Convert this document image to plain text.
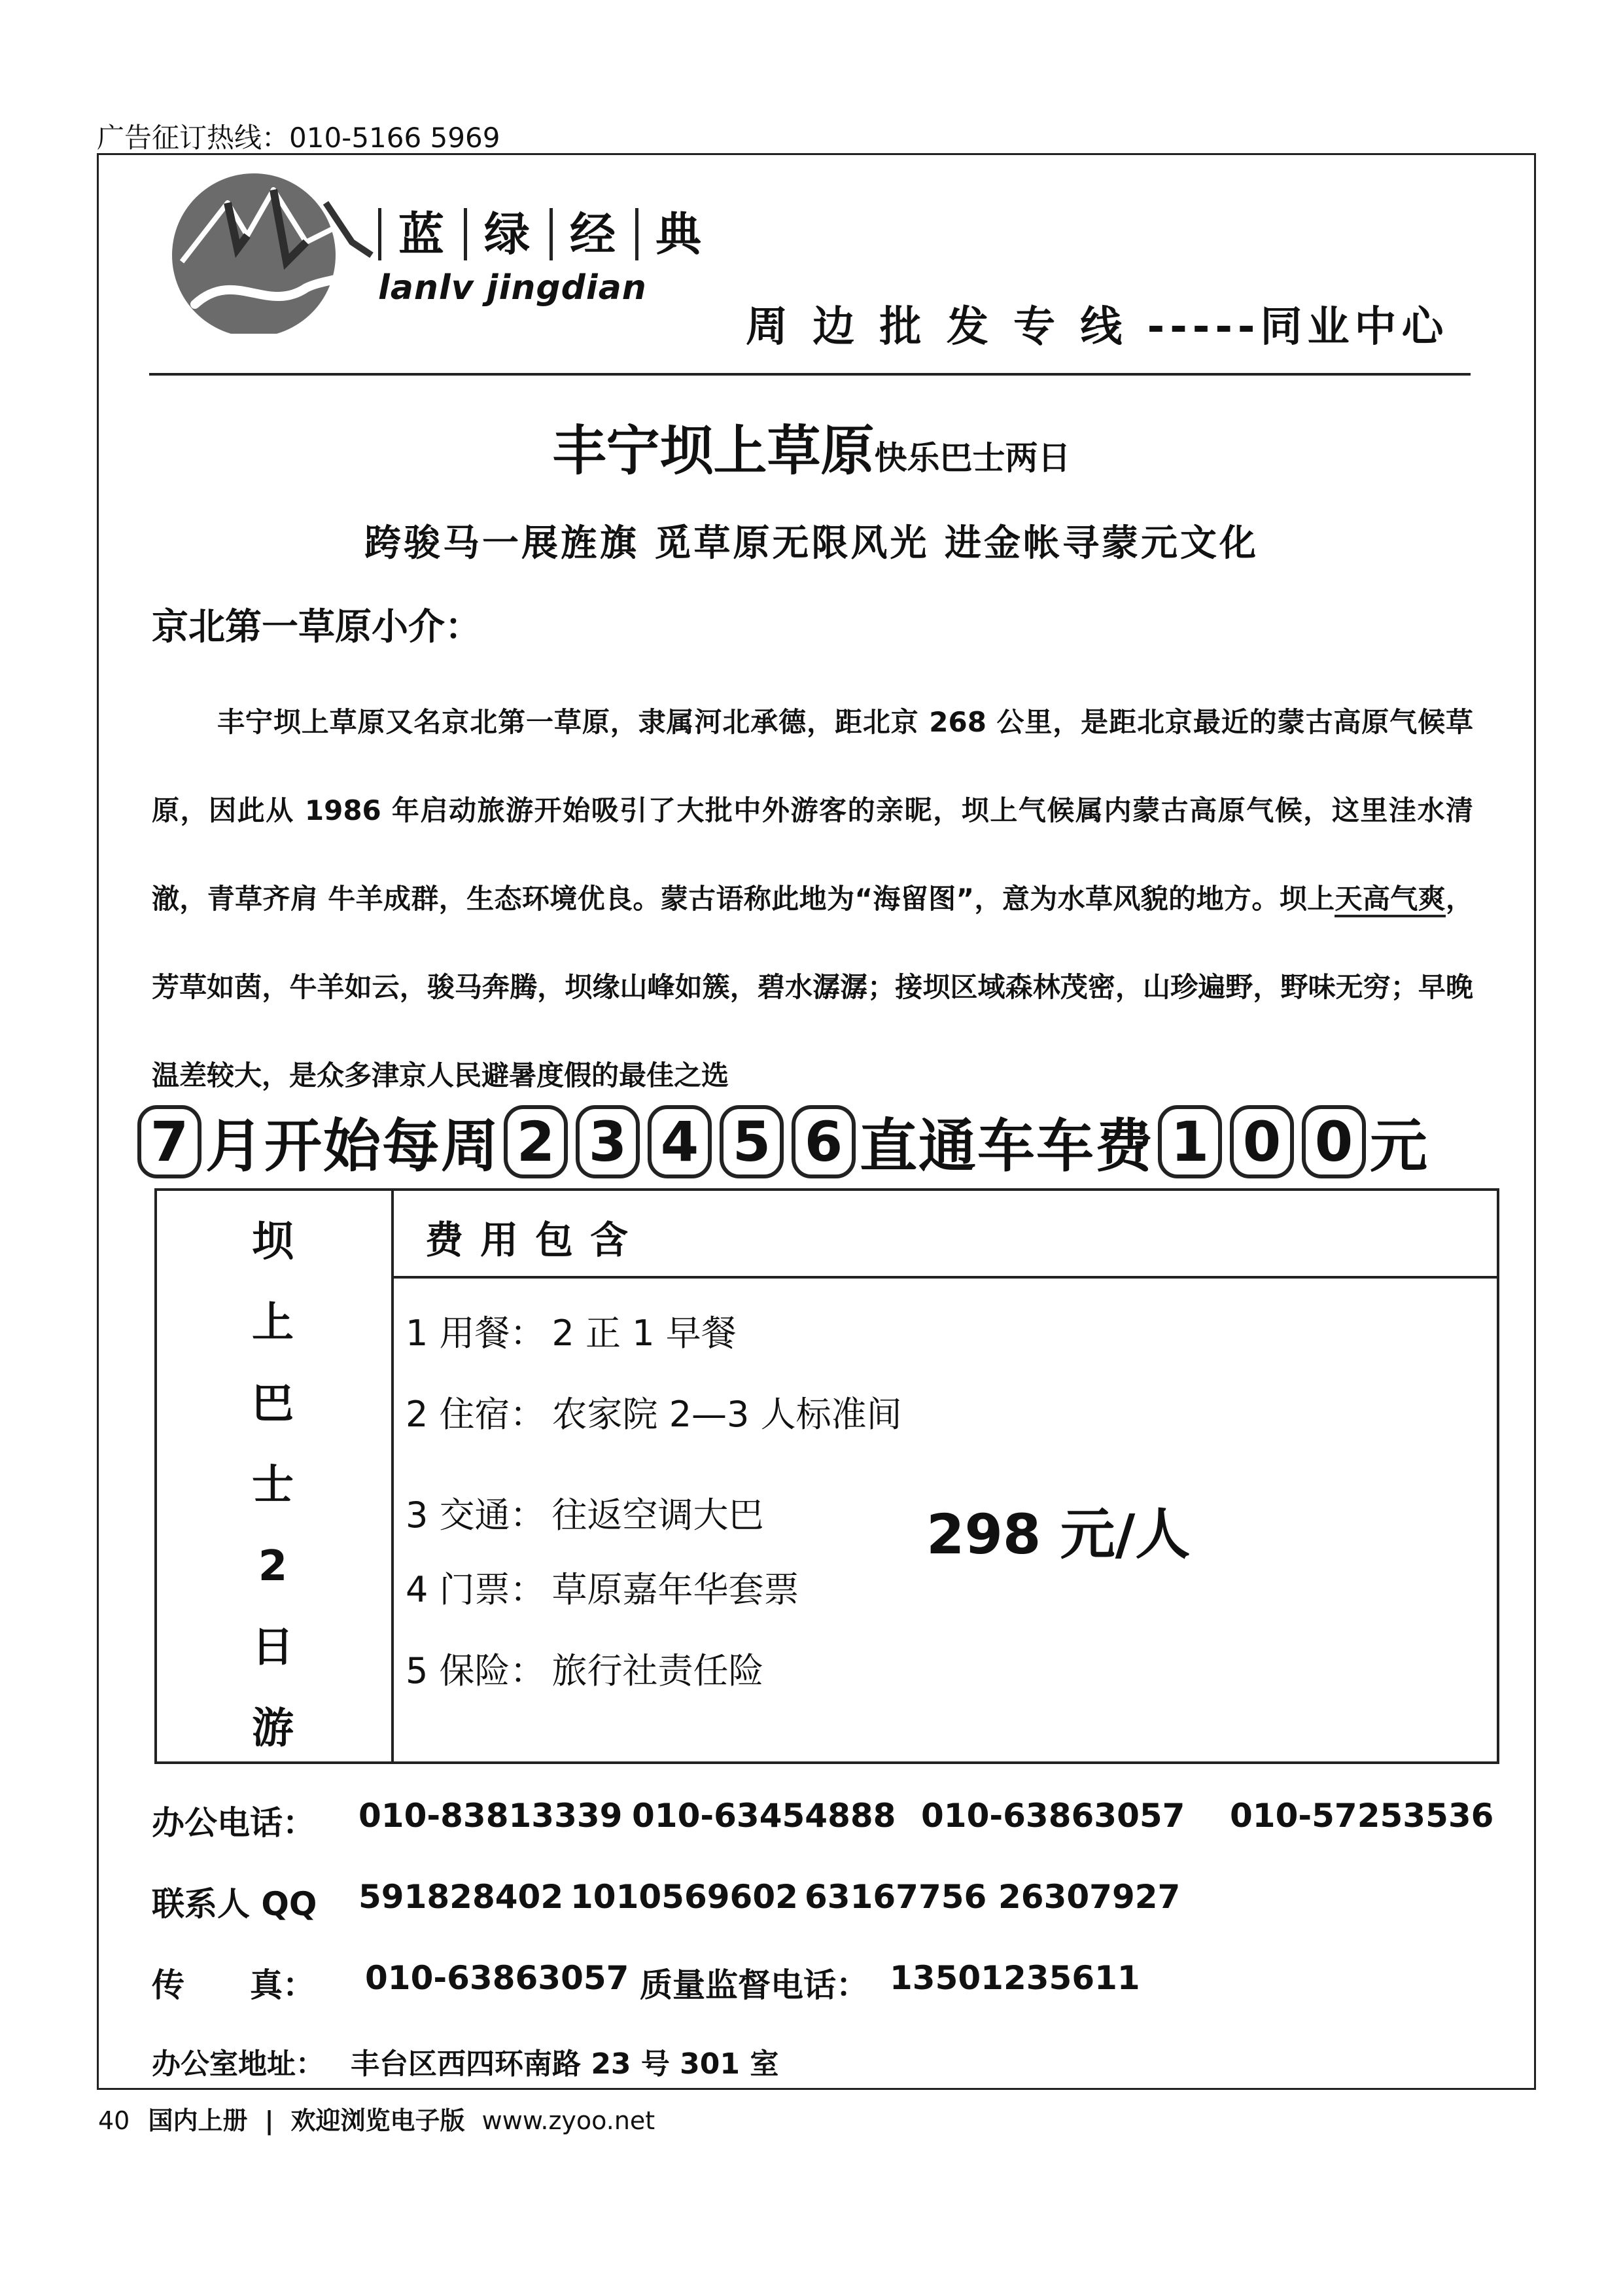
广告征订热线：010-5166 5969
蓝 绿 经 典
lanlv jingdian
周 边 批 发 专 线 -----同业中心
丰宁坝上草原快乐巴士两日
跨骏马一展旌旗 觅草原无限风光 进金帐寻蒙元文化
京北第一草原小介：
丰宁坝上草原又名京北第一草原，隶属河北承德，距北京 268 公里，是距北京最近的蒙古高原气候草原，因此从 1986 年启动旅游开始吸引了大批中外游客的亲昵，坝上气候属内蒙古高原气候，这里洼水清澈，青草齐肩 牛羊成群，生态环境优良。蒙古语称此地为“海留图”，意为水草风貌的地方。坝上天高气爽，芳草如茵，牛羊如云，骏马奔腾，坝缘山峰如簇，碧水潺潺；接坝区域森林茂密，山珍遍野，野味无穷；早晚温差较大，是众多津京人民避暑度假的最佳之选
7 月开始每周 2 3 4 5 6 直通车车费 1 0 0 元
坝
上
巴
士
2
日
游
费用包含
1 用餐： 2 正 1 早餐
2 住宿： 农家院 2—3 人标准间
3 交通： 往返空调大巴
4 门票： 草原嘉年华套票
5 保险： 旅行社责任险
298 元/人
办公电话： 010-83813339 010-63454888 010-63863057 010-57253536
联系人 QQ 591828402 1010569602 63167756 26307927
传　　真： 010-63863057 质量监督电话： 13501235611
办公室地址： 丰台区西四环南路 23 号 301 室
40 国内上册 | 欢迎浏览电子版 www.zyoo.net
